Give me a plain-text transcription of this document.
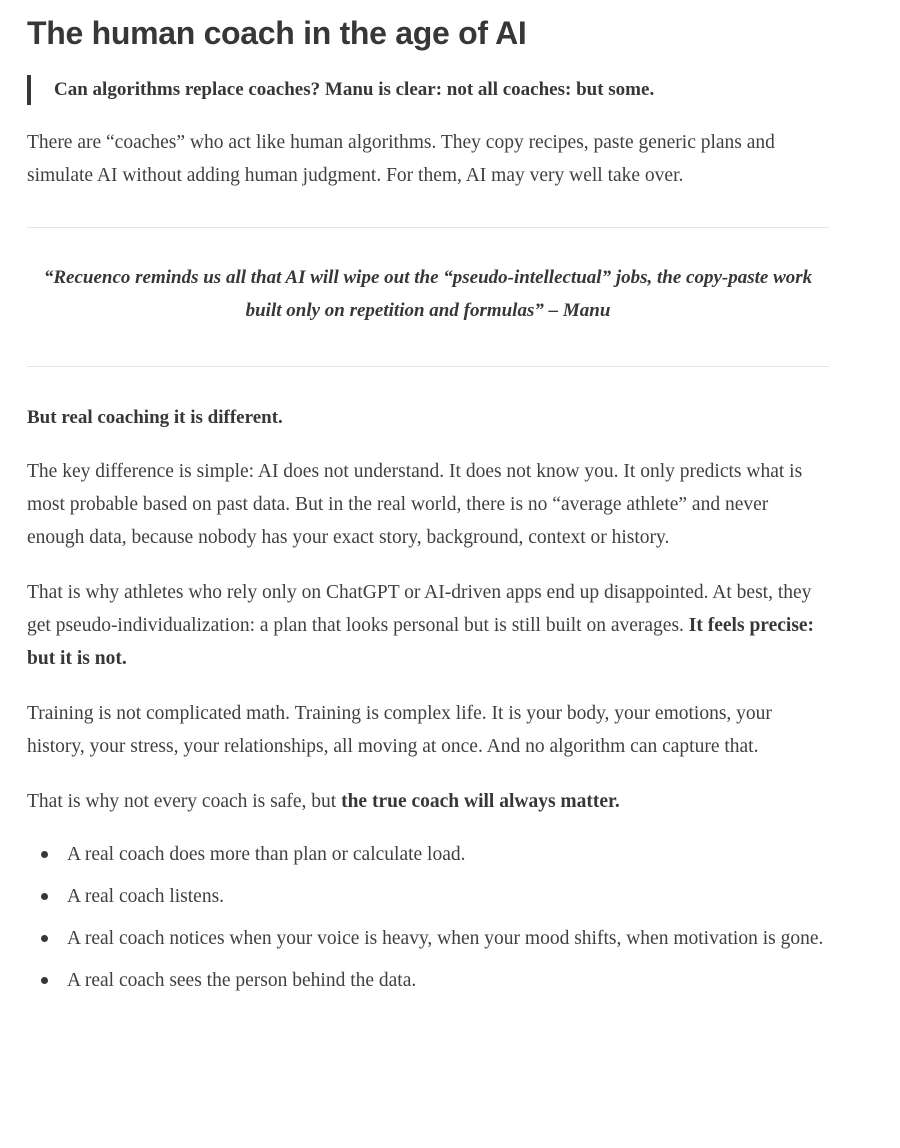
The human coach in the age of AI

Can algorithms replace coaches? Manu is clear: not all coaches: but some.

There are “coaches” who act like human algorithms. They copy recipes, paste generic plans and simulate AI without adding human judgment. For them, AI may very well take over.

“Recuenco reminds us all that AI will wipe out the “pseudo-intellectual” jobs, the copy-paste work built only on repetition and formulas” – Manu

But real coaching it is different.

The key difference is simple: AI does not understand. It does not know you. It only predicts what is most probable based on past data. But in the real world, there is no “average athlete” and never enough data, because nobody has your exact story, background, context or history.

That is why athletes who rely only on ChatGPT or AI-driven apps end up disappointed. At best, they get pseudo-individualization: a plan that looks personal but is still built on averages. It feels precise: but it is not.

Training is not complicated math. Training is complex life. It is your body, your emotions, your history, your stress, your relationships, all moving at once. And no algorithm can capture that.

That is why not every coach is safe, but the true coach will always matter.

A real coach does more than plan or calculate load.
A real coach listens.
A real coach notices when your voice is heavy, when your mood shifts, when motivation is gone.
A real coach sees the person behind the data.
